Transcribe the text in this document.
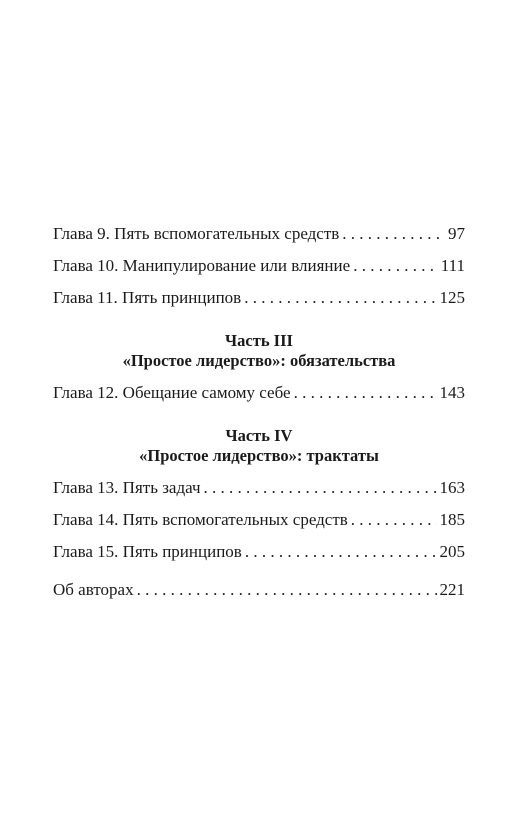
Глава 9. Пять вспомогательных средств . . .	97
Глава 10. Манипулирование или влияние . . .	111
Глава 11. Пять принципов . . .	125
Часть III
«Простое лидерство»: обязательства
Глава 12. Обещание самому себе . . .	143
Часть IV
«Простое лидерство»: трактаты
Глава 13. Пять задач . . .	163
Глава 14. Пять вспомогательных средств . . .	185
Глава 15. Пять принципов . . .	205
Об авторах . . .	221
